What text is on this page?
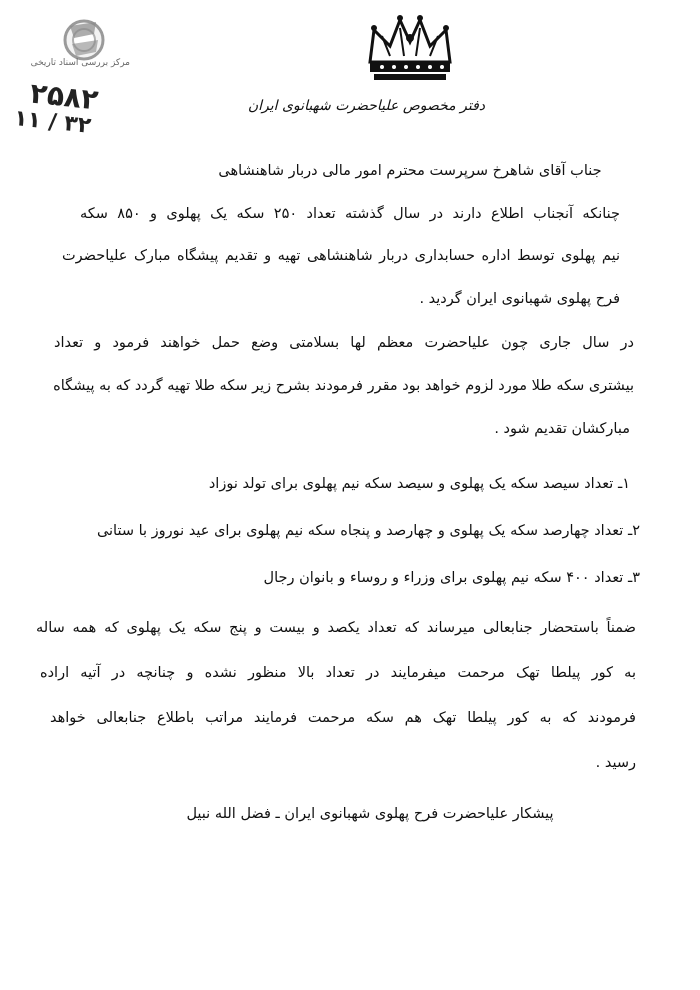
مرکز بررسی اسناد تاریخی
۲۵۸۲
۱۱ / ۳۲
دفتر مخصوص علیاحضرت شهبانوی ایران
جناب آقای شاهرخ سرپرست محترم امور مالی دربار شاهنشاهی
چنانکه آنجناب اطلاع دارند در سال گذشته تعداد ۲۵۰ سکه یک پهلوی و ۸۵۰ سکه
نیم پهلوی توسط اداره حسابداری دربار شاهنشاهی تهیه و تقدیم پیشگاه مبارک علیاحضرت
فرح پهلوی شهبانوی ایران گردید .
در سال جاری چون علیاحضرت معظم لها بسلامتی وضع حمل خواهند فرمود و تعداد
بیشتری سکه طلا مورد لزوم خواهد بود مقرر فرمودند بشرح زیر سکه طلا تهیه گردد که به پیشگاه
مبارکشان تقدیم شود .
۱ـ تعداد سیصد سکه یک پهلوی و سیصد سکه نیم پهلوی برای تولد نوزاد
۲ـ تعداد چهارصد سکه یک پهلوی و چهارصد و پنجاه سکه نیم پهلوی برای عید نوروز با ستانی
۳ـ تعداد ۴۰۰ سکه نیم پهلوی برای وزراء و روساء و بانوان رجال
ضمناً باستحضار جنابعالی میرساند که تعداد یکصد و بیست و پنج سکه یک پهلوی که همه ساله
به کور پیلطا تهک مرحمت میفرمایند در تعداد بالا منظور نشده و چنانچه در آتیه اراده
فرمودند که به کور پیلطا تهک هم سکه مرحمت فرمایند مراتب باطلاع جنابعالی خواهد
رسید .
پیشکار علیاحضرت فرح پهلوی شهبانوی ایران ـ فضل الله نبیل
